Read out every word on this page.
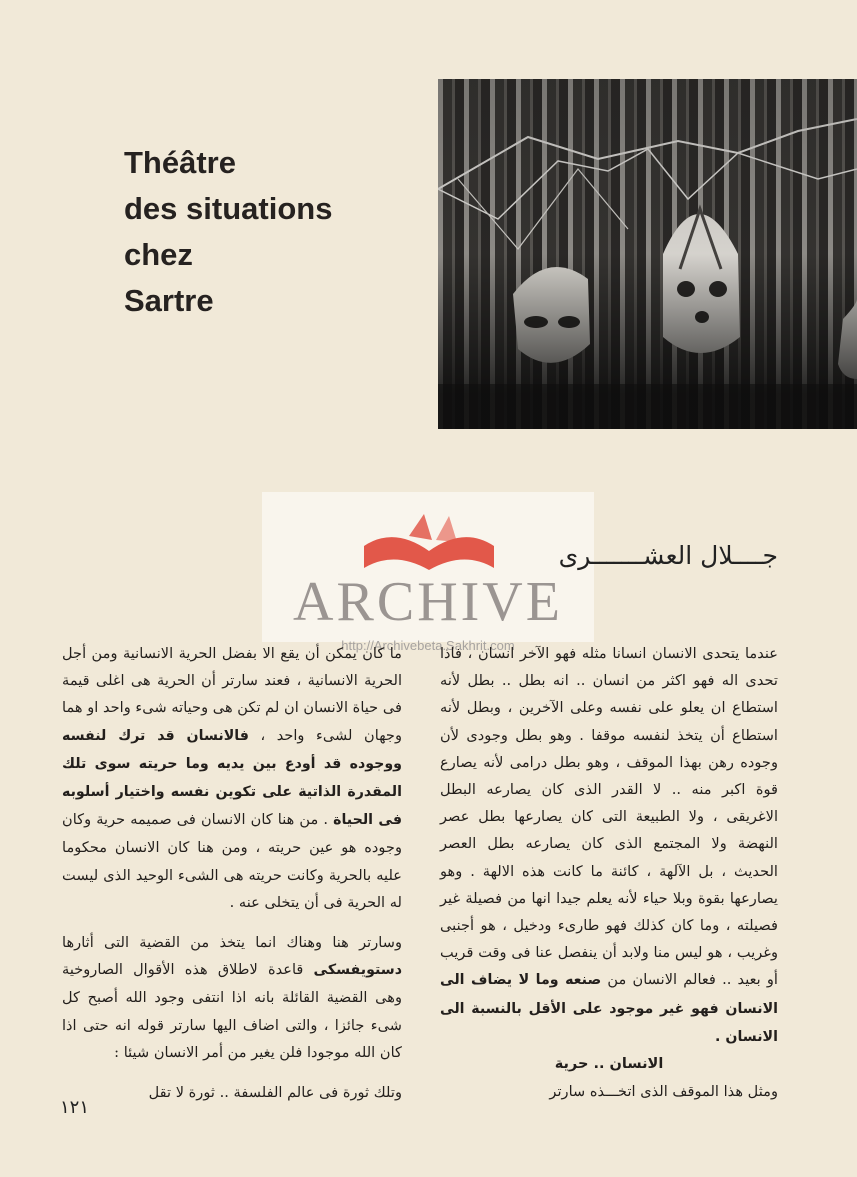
Théâtre
des situations
chez
Sartre
ARCHIVE
http://Archivebeta.Sakhrit.com
جــــلال العشـــــــرى

عندما يتحدى الانسان انسانا مثله فهو الآخر انسان ، فاذا تحدى اله فهو اكثر من انسان .. انه بطل .. بطل لأنه استطاع ان يعلو على نفسه وعلى الآخرين ، وبطل لأنه استطاع أن يتخذ لنفسه موقفا . وهو بطل وجودى لأن وجوده رهن بهذا الموقف ، وهو بطل درامى لأنه يصارع قوة اكبر منه .. لا القدر الذى كان يصارعه البطل الاغريقى ، ولا الطبيعة التى كان يصارعها بطل عصر النهضة ولا المجتمع الذى كان يصارعه بطل العصر الحديث ، بل الآلهة ، كائنة ما كانت هذه الالهة . وهو يصارعها بقوة وبلا حياء لأنه يعلم جيدا انها من فصيلة غير فصيلته ، وما كان كذلك فهو طارىء ودخيل ، هو أجنبى وغريب ، هو ليس منا ولابد أن ينفصل عنا فى وقت قريب أو بعيد .. فعالم الانسان من صنعه وما لا يضاف الى الانسان فهو غير موجود على الأقل بالنسبة الى الانسان .

الانسان .. حرية

ومثل هذا الموقف الذى اتخـــذه سارتر

ما كان يمكن أن يقع الا بفضل الحرية الانسانية ومن أجل الحرية الانسانية ، فعند سارتر أن الحرية هى اغلى قيمة فى حياة الانسان ان لم تكن هى وحياته شىء واحد او هما وجهان لشىء واحد ، فالانسان قد ترك لنفسه ووجوده قد أودع بين يديه وما حريته سوى تلك المقدرة الذاتية على تكوين نفسه واختيار أسلوبه فى الحياة . من هنا كان الانسان فى صميمه حرية وكان وجوده هو عين حريته ، ومن هنا كان الانسان محكوما عليه بالحرية وكانت حريته هى الشىء الوحيد الذى ليست له الحرية فى أن يتخلى عنه .

وسارتر هنا وهناك انما يتخذ من القضية التى أثارها دستويفسكى قاعدة لاطلاق هذه الأقوال الصاروخية وهى القضية القائلة بانه اذا انتفى وجود الله أصبح كل شىء جائزا ، والتى اضاف اليها سارتر قوله انه حتى اذا كان الله موجودا فلن يغير من أمر الانسان شيئا :

وتلك ثورة فى عالم الفلسفة .. ثورة لا تقل

١٢١
